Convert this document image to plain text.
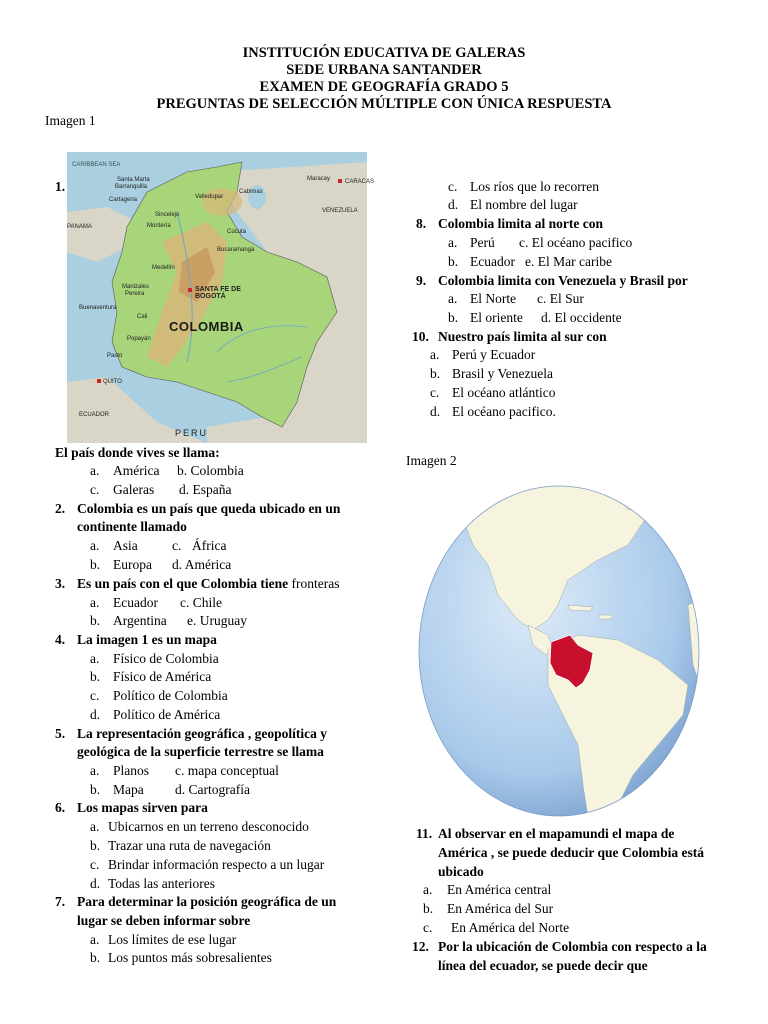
INSTITUCIÓN EDUCATIVA DE GALERAS
SEDE URBANA SANTANDER
EXAMEN DE GEOGRAFÍA GRADO 5
PREGUNTAS DE SELECCIÓN MÚLTIPLE CON ÚNICA RESPUESTA
Imagen 1
CARIBBEAN SEA
Santa Marta
Barranquilla
Valledupar
CARACAS
Cabimas
Maracay
Cartagena
Sincelejo
Montería
PANAMA
Cúcuta
VENEZUELA
Bucaramanga
Medellín
Manizales
Pereira
Buenaventura
Cali
Popayán
Pasto
QUITO
ECUADOR
PERU
SANTA FE DE BOGOTÁ
COLOMBIA
1.
El país donde vives se llama:
a. América b. Colombia
c. Galeras d. España
2. Colombia es un país que queda ubicado en un
continente llamado
a. Asia	c. África
b. Europa d. América
3. Es un país con el que Colombia tiene fronteras
a. Ecuador c. Chile
b. Argentina e. Uruguay
4. La imagen 1 es un mapa
a. Físico de Colombia
b. Físico de América
c. Político de Colombia
d. Político de América
5. La representación geográfica , geopolítica y
geológica de la superficie terrestre se llama
a. Planos c. mapa conceptual
b. Mapa d. Cartografía
6. Los mapas sirven para
a. Ubicarnos en un terreno desconocido
b. Trazar una ruta de navegación
c. Brindar información respecto a un lugar
d. Todas las anteriores
7. Para determinar la posición geográfica de un
lugar se deben informar sobre
a. Los límites de ese lugar
b. Los puntos más sobresalientes
c. Los ríos que lo recorren
d. El nombre del lugar
8. Colombia limita al norte con
a. Perú c. El océano pacifico
b. Ecuador e. El Mar caribe
9. Colombia limita con Venezuela y Brasil por
a. El Norte c. El Sur
b. El oriente d. El occidente
10. Nuestro país limita al sur con
a. Perú y Ecuador
b. Brasil y Venezuela
c. El océano atlántico
d. El océano pacifico.
Imagen 2
11. Al observar en el mapamundi el mapa de
América , se puede deducir que Colombia está
ubicado
a. En América central
b. En América del Sur
c. En América del Norte
12. Por la ubicación de Colombia con respecto a la
línea del ecuador, se puede decir que
